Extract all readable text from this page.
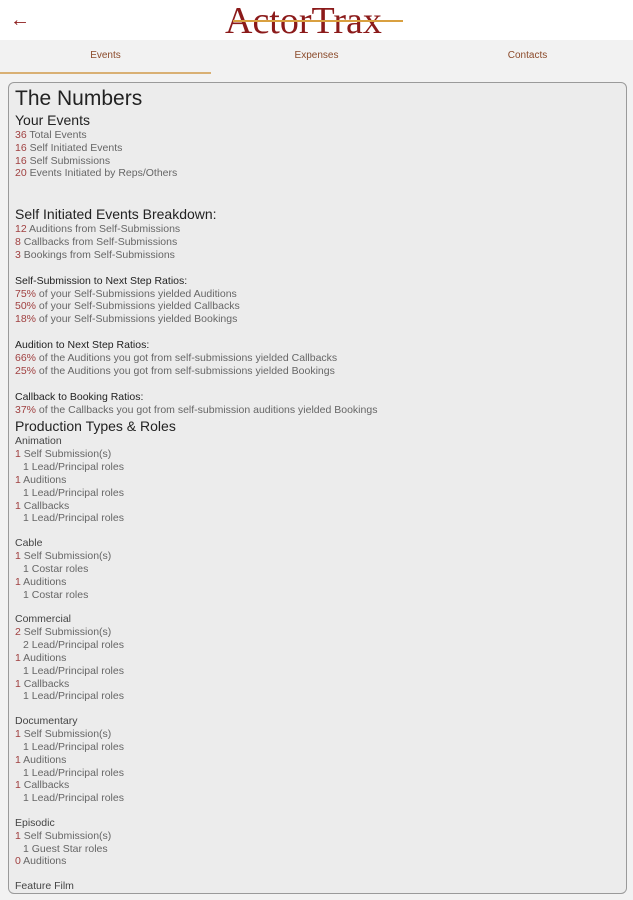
←	ActorTrax
Events	Expenses	Contacts
The Numbers
Your Events
36 Total Events
16 Self Initiated Events
16 Self Submissions
20 Events Initiated by Reps/Others
Self Initiated Events Breakdown:
12 Auditions from Self-Submissions
8 Callbacks from Self-Submissions
3 Bookings from Self-Submissions
Self-Submission to Next Step Ratios:
75% of your Self-Submissions yielded Auditions
50% of your Self-Submissions yielded Callbacks
18% of your Self-Submissions yielded Bookings
Audition to Next Step Ratios:
66% of the Auditions you got from self-submissions yielded Callbacks
25% of the Auditions you got from self-submissions yielded Bookings
Callback to Booking Ratios:
37% of the Callbacks you got from self-submission auditions yielded Bookings
Production Types & Roles
Animation
1 Self Submission(s)
1 Lead/Principal roles
1 Auditions
1 Lead/Principal roles
1 Callbacks
1 Lead/Principal roles
Cable
1 Self Submission(s)
1 Costar roles
1 Auditions
1 Costar roles
Commercial
2 Self Submission(s)
2 Lead/Principal roles
1 Auditions
1 Lead/Principal roles
1 Callbacks
1 Lead/Principal roles
Documentary
1 Self Submission(s)
1 Lead/Principal roles
1 Auditions
1 Lead/Principal roles
1 Callbacks
1 Lead/Principal roles
Episodic
1 Self Submission(s)
1 Guest Star roles
0 Auditions
Feature Film
